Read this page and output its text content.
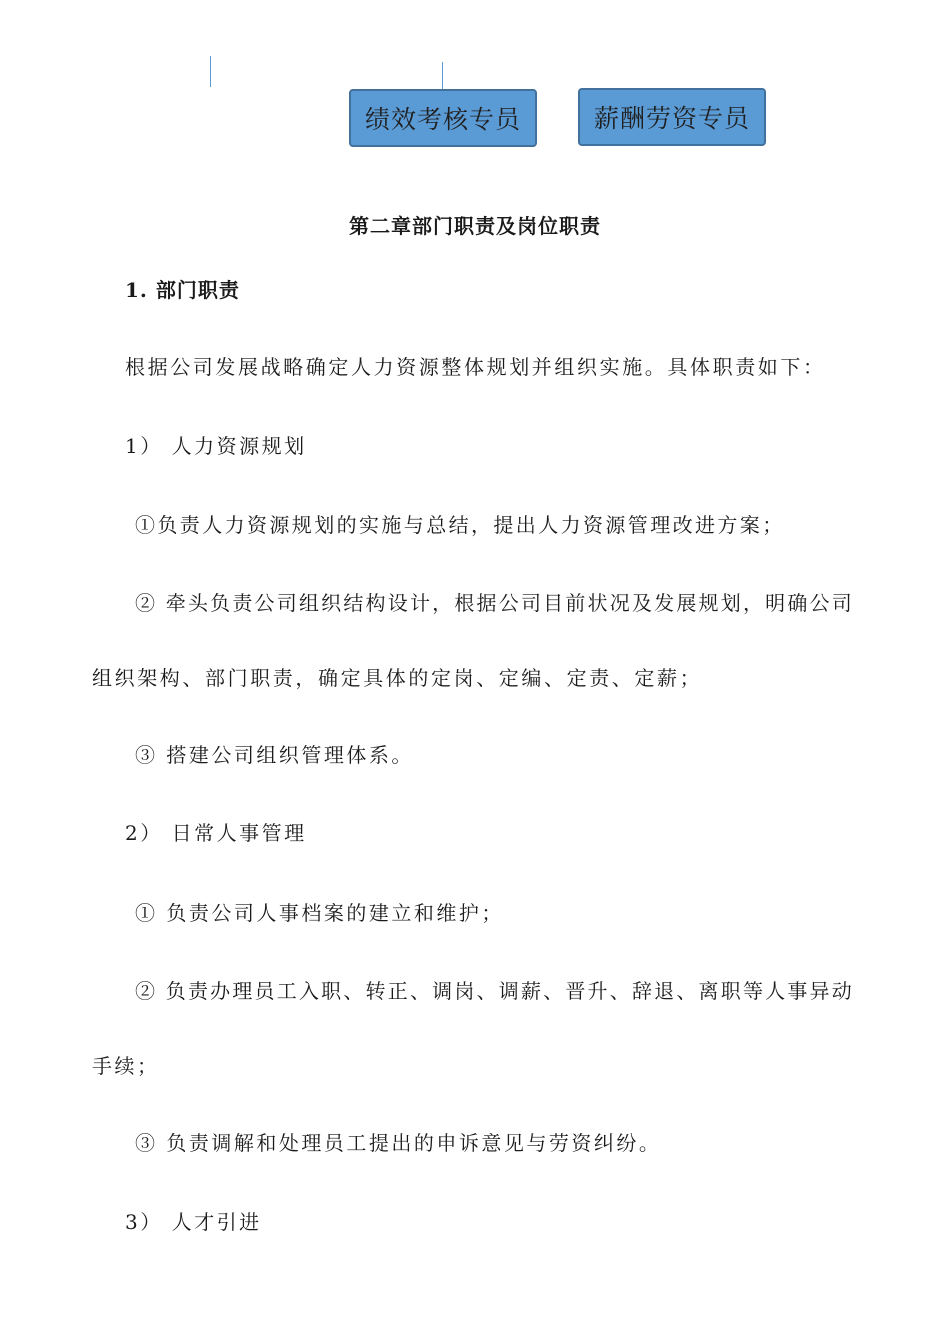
绩效考核专员	薪酬劳资专员
第二章部门职责及岗位职责
1. 部门职责
根据公司发展战略确定人力资源整体规划并组织实施。具体职责如下：
1） 人力资源规划
①负责人力资源规划的实施与总结，提出人力资源管理改进方案；
② 牵头负责公司组织结构设计，根据公司目前状况及发展规划，明确公司
组织架构、部门职责，确定具体的定岗、定编、定责、定薪；
③ 搭建公司组织管理体系。
2） 日常人事管理
① 负责公司人事档案的建立和维护；
② 负责办理员工入职、转正、调岗、调薪、晋升、辞退、离职等人事异动
手续；
③ 负责调解和处理员工提出的申诉意见与劳资纠纷。
3） 人才引进
